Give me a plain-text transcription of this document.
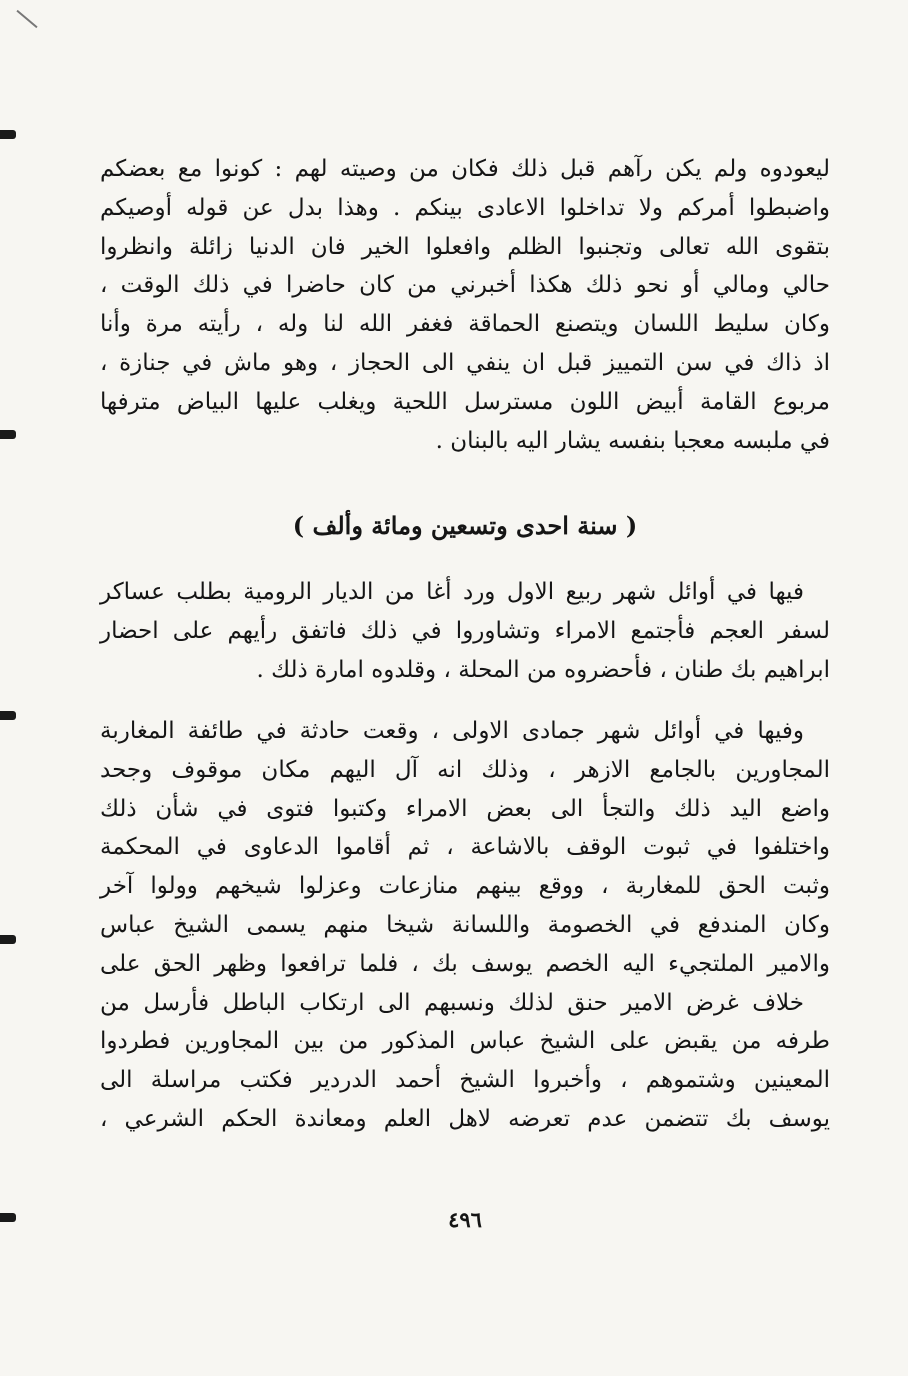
ليعودوه ولم يكن رآهم قبل ذلك فكان من وصيته لهم : كونوا مع بعضكم
واضبطوا أمركم ولا تداخلوا الاعادى بينكم . وهذا بدل عن قوله أوصيكم
بتقوى الله تعالى وتجنبوا الظلم وافعلوا الخير فان الدنيا زائلة وانظروا
حالي ومالي أو نحو ذلك هكذا أخبرني من كان حاضرا في ذلك الوقت ،
وكان سليط اللسان ويتصنع الحماقة فغفر الله لنا وله ، رأيته مرة وأنا
اذ ذاك في سن التمييز قبل ان ينفي الى الحجاز ، وهو ماش في جنازة ،
مربوع القامة أبيض اللون مسترسل اللحية ويغلب عليها البياض مترفها
في ملبسه معجبا بنفسه يشار اليه بالبنان .

( سنة احدى وتسعين ومائة وألف )

فيها في أوائل شهر ربيع الاول ورد أغا من الديار الرومية بطلب عساكر
لسفر العجم فأجتمع الامراء وتشاوروا في ذلك فاتفق رأيهم على احضار
ابراهيم بك طنان ، فأحضروه من المحلة ، وقلدوه امارة ذلك .

وفيها في أوائل شهر جمادى الاولى ، وقعت حادثة في طائفة المغاربة
المجاورين بالجامع الازهر ، وذلك انه آل اليهم مكان موقوف وجحد
واضع اليد ذلك والتجأ الى بعض الامراء وكتبوا فتوى في شأن ذلك
واختلفوا في ثبوت الوقف بالاشاعة ، ثم أقاموا الدعاوى في المحكمة
وثبت الحق للمغاربة ، ووقع بينهم منازعات وعزلوا شيخهم وولوا آخر
وكان المندفع في الخصومة واللسانة شيخا منهم يسمى الشيخ عباس
والامير الملتجيء اليه الخصم يوسف بك ، فلما ترافعوا وظهر الحق على
خلاف غرض الامير حنق لذلك ونسبهم الى ارتكاب الباطل فأرسل من
طرفه من يقبض على الشيخ عباس المذكور من بين المجاورين فطردوا
المعينين وشتموهم ، وأخبروا الشيخ أحمد الدردير فكتب مراسلة الى
يوسف بك تتضمن عدم تعرضه لاهل العلم ومعاندة الحكم الشرعي ،

٤٩٦
